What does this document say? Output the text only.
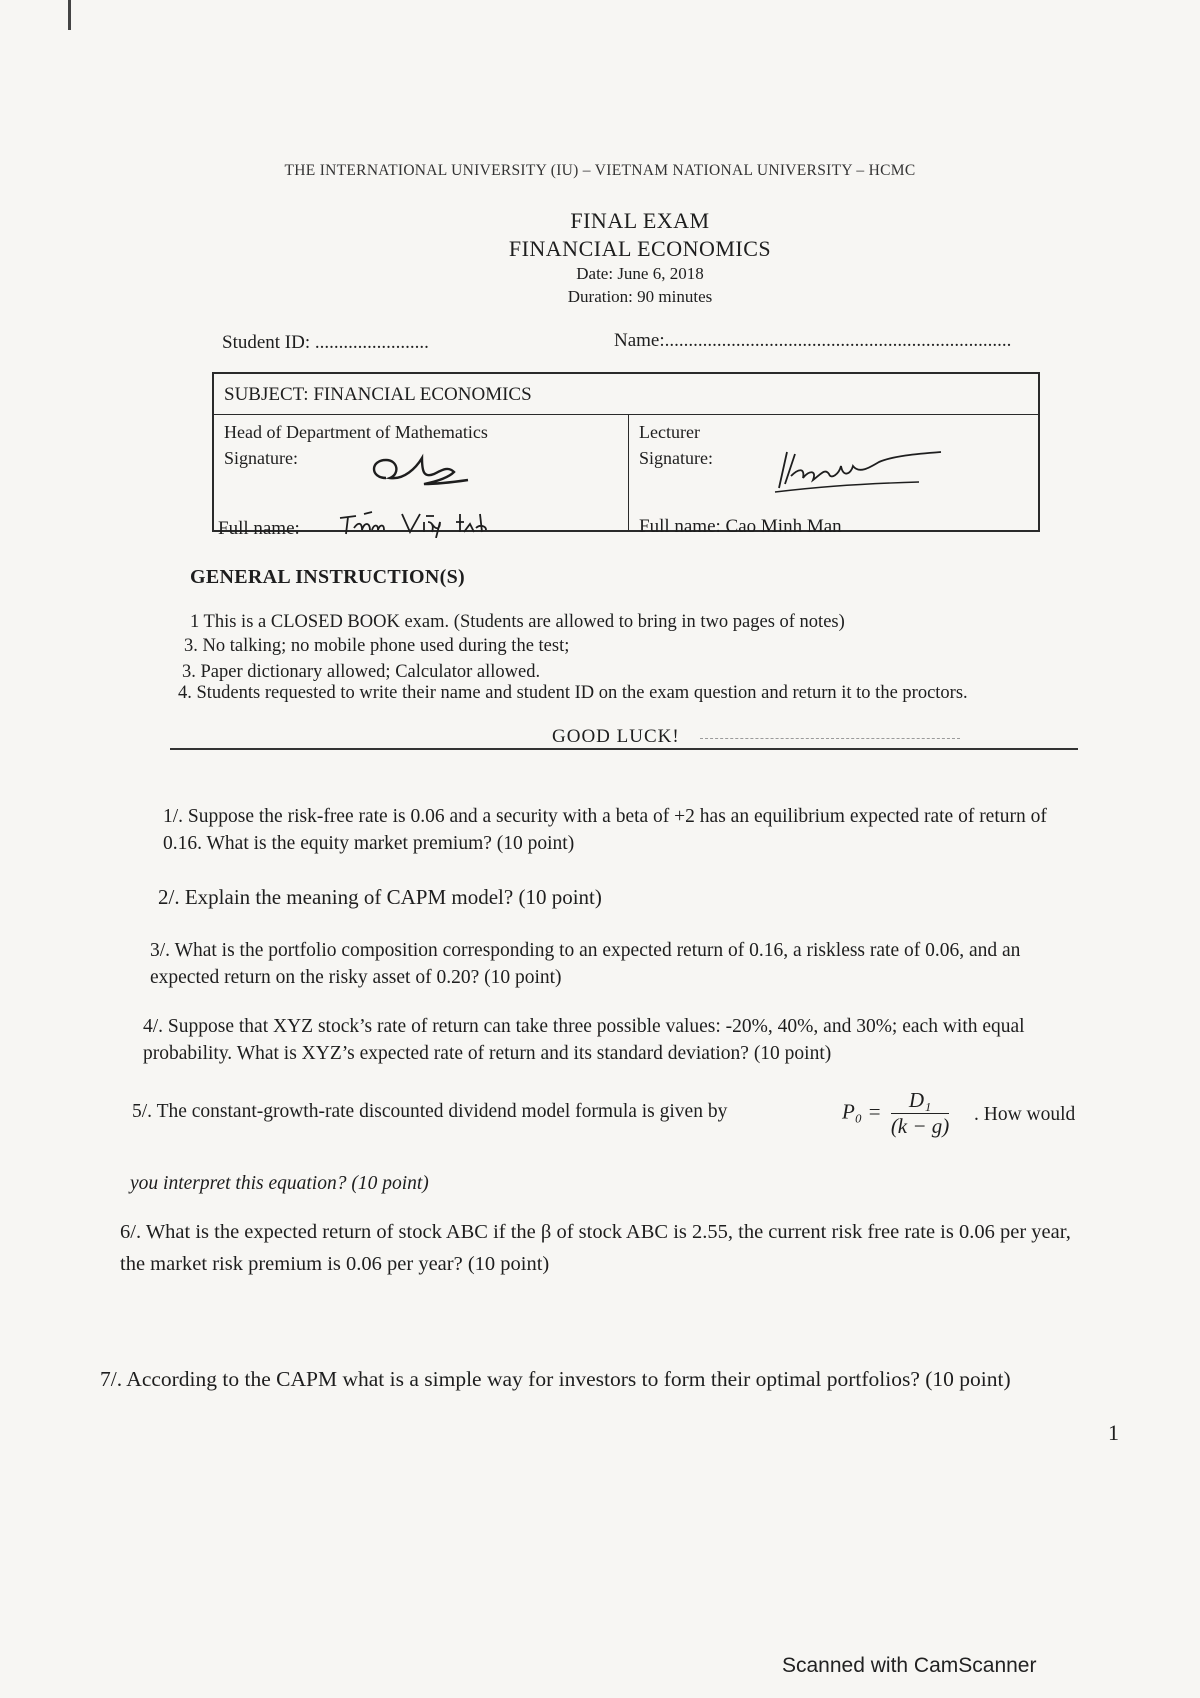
THE INTERNATIONAL UNIVERSITY (IU) – VIETNAM NATIONAL UNIVERSITY – HCMC
FINAL EXAM
FINANCIAL ECONOMICS
Date: June 6, 2018
Duration: 90 minutes
Student ID: ........................	Name:.........................................................................
SUBJECT: FINANCIAL ECONOMICS
Head of Department of Mathematics
Signature:
Full name:
Lecturer
Signature:
Full name: Cao Minh Man
GENERAL INSTRUCTION(S)
1 This is a CLOSED BOOK exam. (Students are allowed to bring in two pages of notes)
3. No talking; no mobile phone used during the test;
3. Paper dictionary allowed; Calculator allowed.
4. Students requested to write their name and student ID on the exam question and return it to the proctors.
GOOD LUCK!
1/. Suppose the risk-free rate is 0.06 and a security with a beta of +2 has an equilibrium expected rate of return of 0.16. What is the equity market premium? (10 point)
2/. Explain the meaning of CAPM model? (10 point)
3/. What is the portfolio composition corresponding to an expected return of 0.16, a riskless rate of 0.06, and an expected return on the risky asset of 0.20? (10 point)
4/. Suppose that XYZ stock’s rate of return can take three possible values: -20%, 40%, and 30%; each with equal probability. What is XYZ’s expected rate of return and its standard deviation? (10 point)
5/. The constant-growth-rate discounted dividend model formula is given by	$P_0 = \frac{\text{D₁}}{(k - g)}$ . How would
you interpret this equation? (10 point)
6/. What is the expected return of stock ABC if the β of stock ABC is 2.55, the current risk free rate is 0.06 per year, the market risk premium is 0.06 per year? (10 point)
7/. According to the CAPM what is a simple way for investors to form their optimal portfolios? (10 point)
1
Scanned with CamScanner
